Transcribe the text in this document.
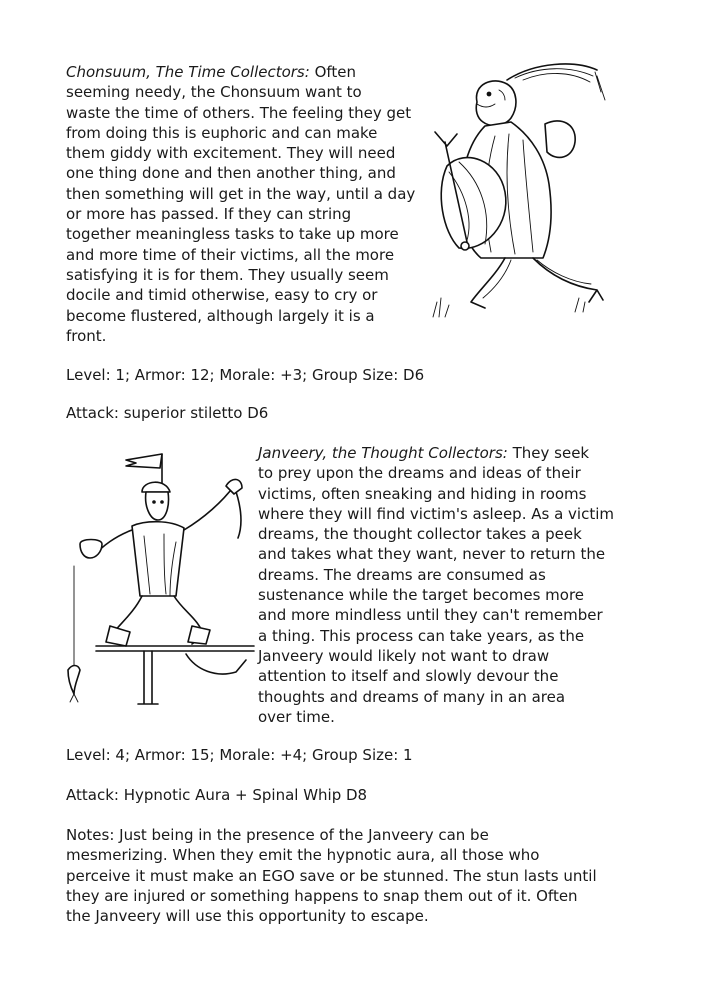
Chonsuum, The Time Collectors: Often
seeming needy, the Chonsuum want to
waste the time of others. The feeling they get
from doing this is euphoric and can make
them giddy with excitement. They will need
one thing done and then another thing, and
then something will get in the way, until a day
or more has passed. If they can string
together meaningless tasks to take up more
and more time of their victims, all the more
satisfying it is for them. They usually seem
docile and timid otherwise, easy to cry or
become flustered, although largely it is a
front.
Level: 1; Armor: 12; Morale: +3; Group Size: D6
Attack: superior stiletto D6
Janveery, the Thought Collectors: They seek
to prey upon the dreams and ideas of their
victims, often sneaking and hiding in rooms
where they will find victim's asleep. As a victim
dreams, the thought collector takes a peek
and takes what they want, never to return the
dreams. The dreams are consumed as
sustenance while the target becomes more
and more mindless until they can't remember
a thing. This process can take years, as the
Janveery would likely not want to draw
attention to itself and slowly devour the
thoughts and dreams of many in an area
over time.
Level: 4; Armor: 15; Morale: +4; Group Size: 1
Attack: Hypnotic Aura + Spinal Whip D8
Notes: Just being in the presence of the Janveery can be
mesmerizing. When they emit the hypnotic aura, all those who
perceive it must make an EGO save or be stunned. The stun lasts until
they are injured or something happens to snap them out of it. Often
the Janveery will use this opportunity to escape.
